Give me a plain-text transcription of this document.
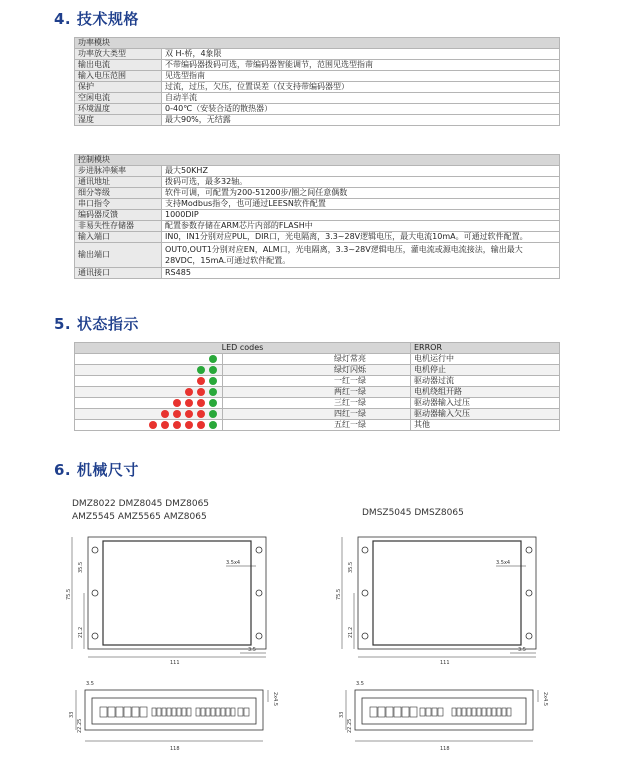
4. 技术规格
功率模块	
功率放大类型	双 H-桥，4象限
输出电流	不带编码器拨码可选，带编码器智能调节，范围见选型指南
输入电压范围	见选型指南
保护	过流，过压，欠压，位置误差（仅支持带编码器型）
空闲电流	自动半流
环境温度	0-40℃（安装合适的散热器）
湿度	最大90%，无结露
控制模块	
步进脉冲频率	最大50KHZ
通讯地址	拨码可选，最多32轴。
细分等级	软件可调，可配置为200-51200步/圈之间任意偶数
串口指令	支持Modbus指令，也可通过LEESN软件配置
编码器反馈	1000DIP
非易失性存储器	配置参数存储在ARM芯片内部的FLASH中
输入端口	IN0，IN1分别对应PUL，DIR口，光电隔离，3.3~28V逻辑电压，最大电流10mA。可通过软件配置。
输出端口	OUT0,OUT1分别对应EN，ALM口，光电隔离，3.3~28V逻辑电压，灌电流或源电流接法，输出最大28VDC，15mA.可通过软件配置。
通讯接口	RS485
5. 状态指示
LED codes		ERROR
	绿灯常亮	电机运行中
	绿灯闪烁	电机停止
	一红一绿	驱动器过流
	两红一绿	电机绕组开路
	三红一绿	驱动器输入过压
	四红一绿	驱动器输入欠压
	五红一绿	其他
6. 机械尺寸
DMZ8022 DMZ8045 DMZ8065
AMZ5545 AMZ5565 AMZ8065	DMSZ5045 DMSZ8065
3.5x4
111
3.5
3.5x4
111
3.5
118	118
3.5	3.5
75.5
35.5
21.2
75.5
35.5
21.2
33
22.25
33
22.25
2x4.5	2x4.5
